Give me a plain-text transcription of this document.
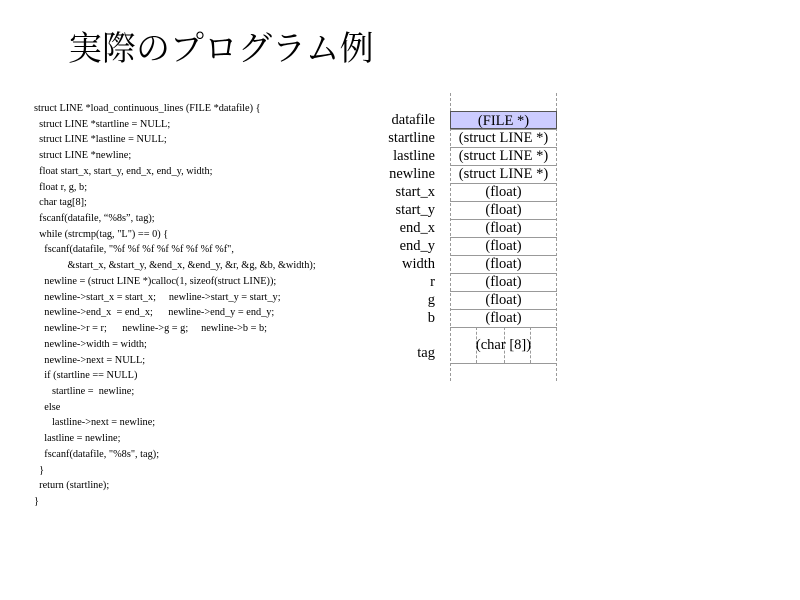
実際のプログラム例
struct LINE *load_continuous_lines (FILE *datafile) {
struct LINE *startline = NULL;
struct LINE *lastline = NULL;
struct LINE *newline;
float start_x, start_y, end_x, end_y, width;
float r, g, b;
char tag[8];
fscanf(datafile, “%8s”, tag);
while (strcmp(tag, "L") == 0) {
fscanf(datafile, "%f %f %f %f %f %f %f %f",
&start_x, &start_y, &end_x, &end_y, &r, &g, &b, &width);
newline = (struct LINE *)calloc(1, sizeof(struct LINE));
newline->start_x = start_x;     newline->start_y = start_y;
newline->end_x  = end_x;      newline->end_y = end_y;
newline->r = r;      newline->g = g;     newline->b = b;
newline->width = width;
newline->next = NULL;
if (startline == NULL)
startline =  newline;
else
lastline->next = newline;
lastline = newline;
fscanf(datafile, "%8s", tag);
}
return (startline);
}
datafile
startline
lastline
newline
start_x
start_y
end_x
end_y
width
r
g
b
tag
(FILE *)
(struct LINE *)
(struct LINE *)
(struct LINE *)
(float)
(float)
(float)
(float)
(float)
(float)
(float)
(float)
(char [8])
